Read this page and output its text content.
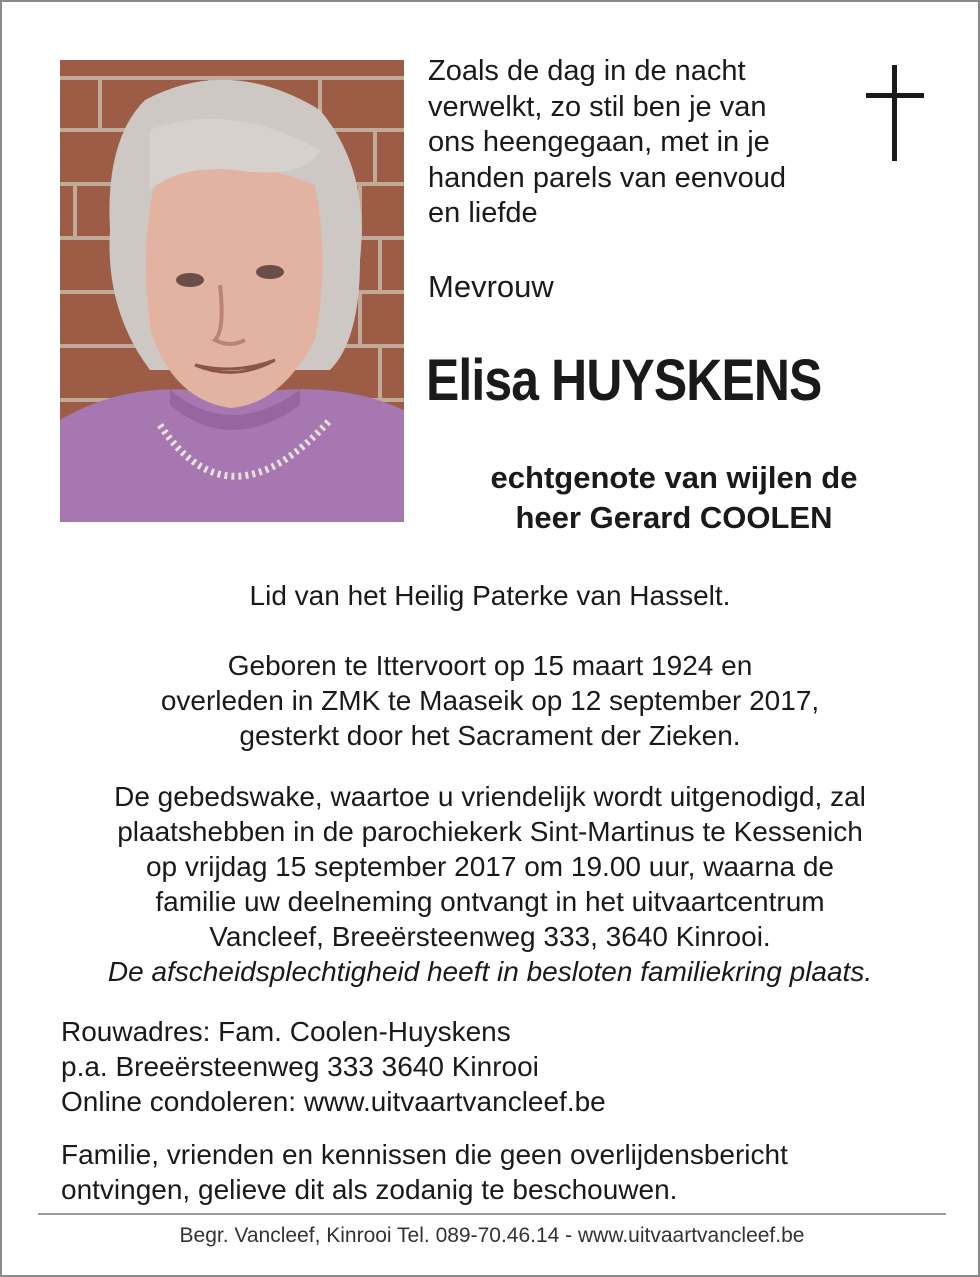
Zoals de dag in de nacht
verwelkt, zo stil ben je van
ons heengegaan, met in je
handen parels van eenvoud
en liefde

Mevrouw

Elisa HUYSKENS
echtgenote van wijlen de
heer Gerard COOLEN

Lid van het Heilig Paterke van Hasselt.

Geboren te Ittervoort op 15 maart 1924 en
overleden in ZMK te Maaseik op 12 september 2017,
gesterkt door het Sacrament der Zieken.
De gebedswake, waartoe u vriendelijk wordt uitgenodigd, zal
plaatshebben in de parochiekerk Sint-Martinus te Kessenich
op vrijdag 15 september 2017 om 19.00 uur, waarna de
familie uw deelneming ontvangt in het uitvaartcentrum
Vancleef, Breeërsteenweg 333, 3640 Kinrooi.
De afscheidsplechtigheid heeft in besloten familiekring plaats.
Rouwadres: Fam. Coolen-Huyskens
p.a. Breeërsteenweg 333 3640 Kinrooi
Online condoleren: www.uitvaartvancleef.be
Familie, vrienden en kennissen die geen overlijdensbericht
ontvingen, gelieve dit als zodanig te beschouwen.

Begr. Vancleef, Kinrooi Tel. 089-70.46.14 - www.uitvaartvancleef.be
